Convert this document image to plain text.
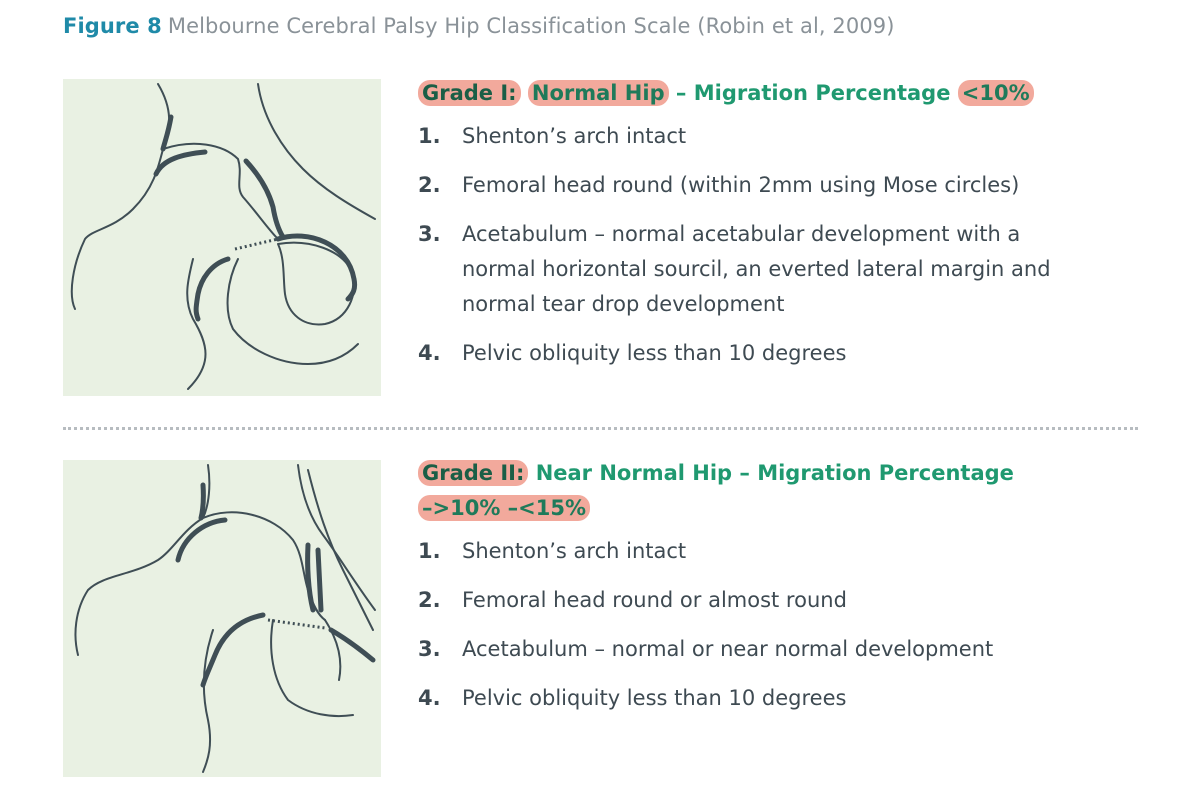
Figure 8 Melbourne Cerebral Palsy Hip Classification Scale (Robin et al, 2009)

Grade I: Normal Hip – Migration Percentage <10%

1.	Shenton’s arch intact
2.	Femoral head round (within 2mm using Mose circles)
3.	Acetabulum – normal acetabular development with a normal horizontal sourcil, an everted lateral margin and normal tear drop development
4.	Pelvic obliquity less than 10 degrees

Grade II: Near Normal Hip – Migration Percentage
–>10% –<15%

1.	Shenton’s arch intact
2.	Femoral head round or almost round
3.	Acetabulum – normal or near normal development
4.	Pelvic obliquity less than 10 degrees
